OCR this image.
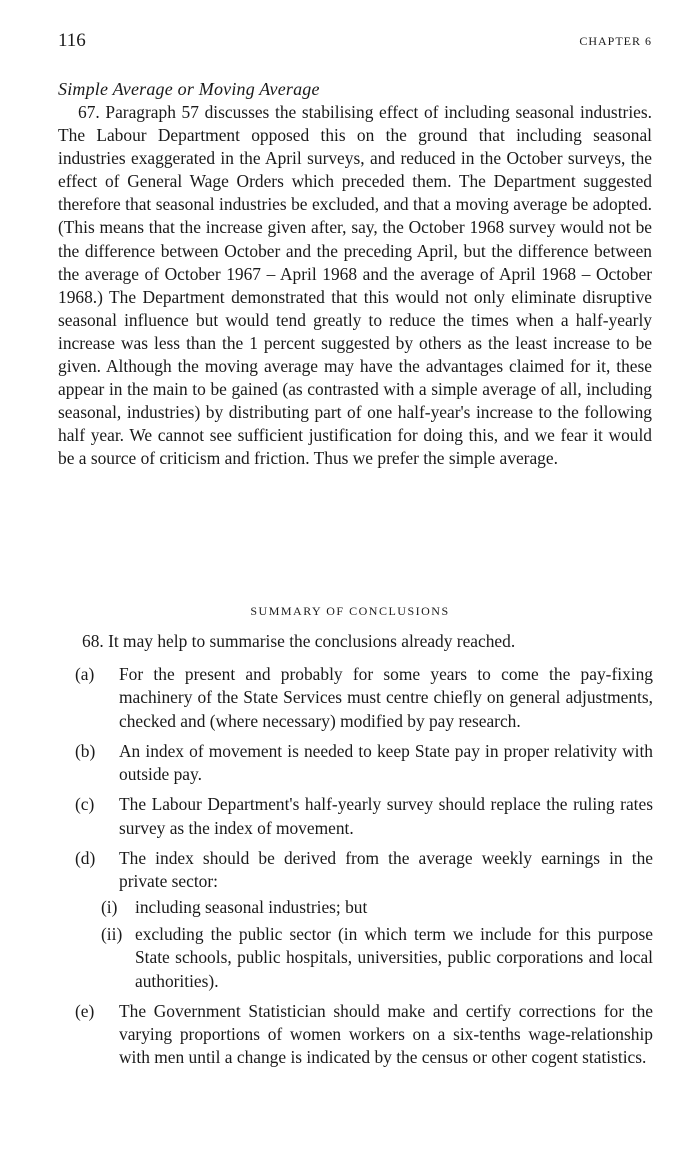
116	CHAPTER 6
Simple Average or Moving Average
67. Paragraph 57 discusses the stabilising effect of including seasonal industries. The Labour Department opposed this on the ground that including seasonal industries exaggerated in the April surveys, and reduced in the October surveys, the effect of General Wage Orders which preceded them. The Department suggested therefore that seasonal industries be excluded, and that a moving average be adopted. (This means that the increase given after, say, the October 1968 survey would not be the difference between October and the preceding April, but the difference between the average of October 1967 – April 1968 and the average of April 1968 – October 1968.) The Department demonstrated that this would not only eliminate disruptive seasonal influence but would tend greatly to reduce the times when a half-yearly increase was less than the 1 percent suggested by others as the least increase to be given. Although the moving average may have the advantages claimed for it, these appear in the main to be gained (as contrasted with a simple average of all, including seasonal, industries) by distributing part of one half-year's increase to the following half year. We cannot see sufficient justification for doing this, and we fear it would be a source of criticism and friction. Thus we prefer the simple average.
SUMMARY OF CONCLUSIONS
68. It may help to summarise the conclusions already reached.
(a) For the present and probably for some years to come the pay-fixing machinery of the State Services must centre chiefly on general adjustments, checked and (where necessary) modified by pay research.
(b) An index of movement is needed to keep State pay in proper relativity with outside pay.
(c) The Labour Department's half-yearly survey should replace the ruling rates survey as the index of movement.
(d) The index should be derived from the average weekly earnings in the private sector:
(i) including seasonal industries; but
(ii) excluding the public sector (in which term we include for this purpose State schools, public hospitals, universities, public corporations and local authorities).
(e) The Government Statistician should make and certify corrections for the varying proportions of women workers on a six-tenths wage-relationship with men until a change is indicated by the census or other cogent statistics.
